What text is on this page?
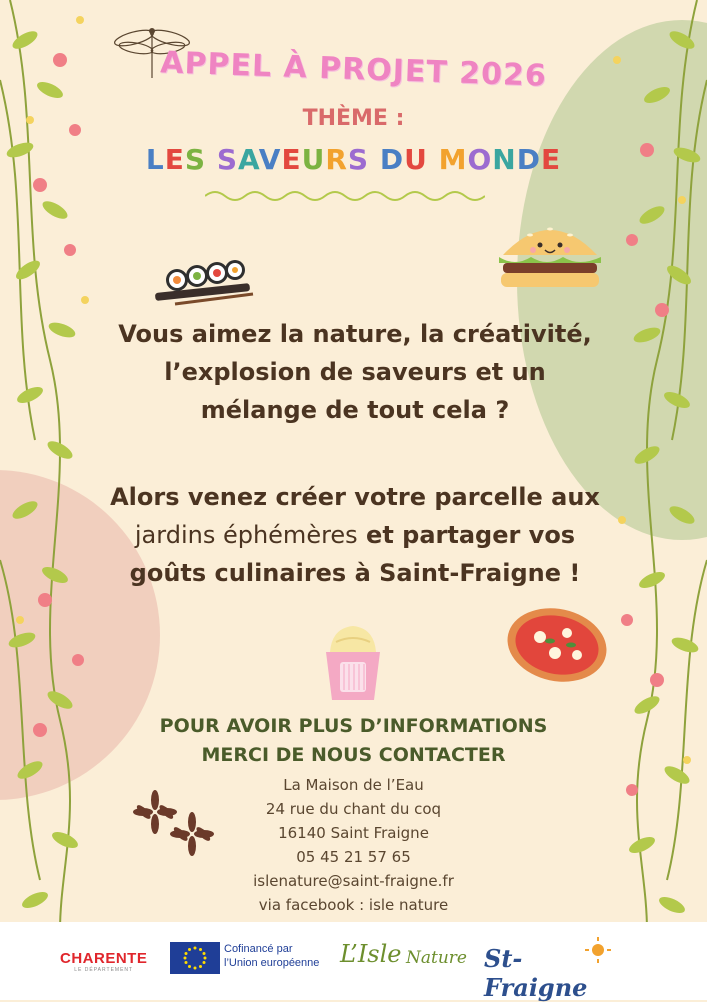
APPEL À PROJET 2026
THÈME :
LES SAVEURS DU MONDE
Vous aimez la nature, la créativité,
l’explosion de saveurs et un
mélange de tout cela ?
Alors venez créer votre parcelle aux
jardins éphémères et partager vos
goûts culinaires à Saint-Fraigne !
POUR AVOIR PLUS D’INFORMATIONS
MERCI DE NOUS CONTACTER
La Maison de l’Eau
24 rue du chant du coq
16140 Saint Fraigne
05 45 21 57 65
islenature@saint-fraigne.fr
via facebook : isle nature
CHARENTE
LE DÉPARTEMENT
Cofinancé par
l’Union européenne L’Isle Nature St-Fraigne
